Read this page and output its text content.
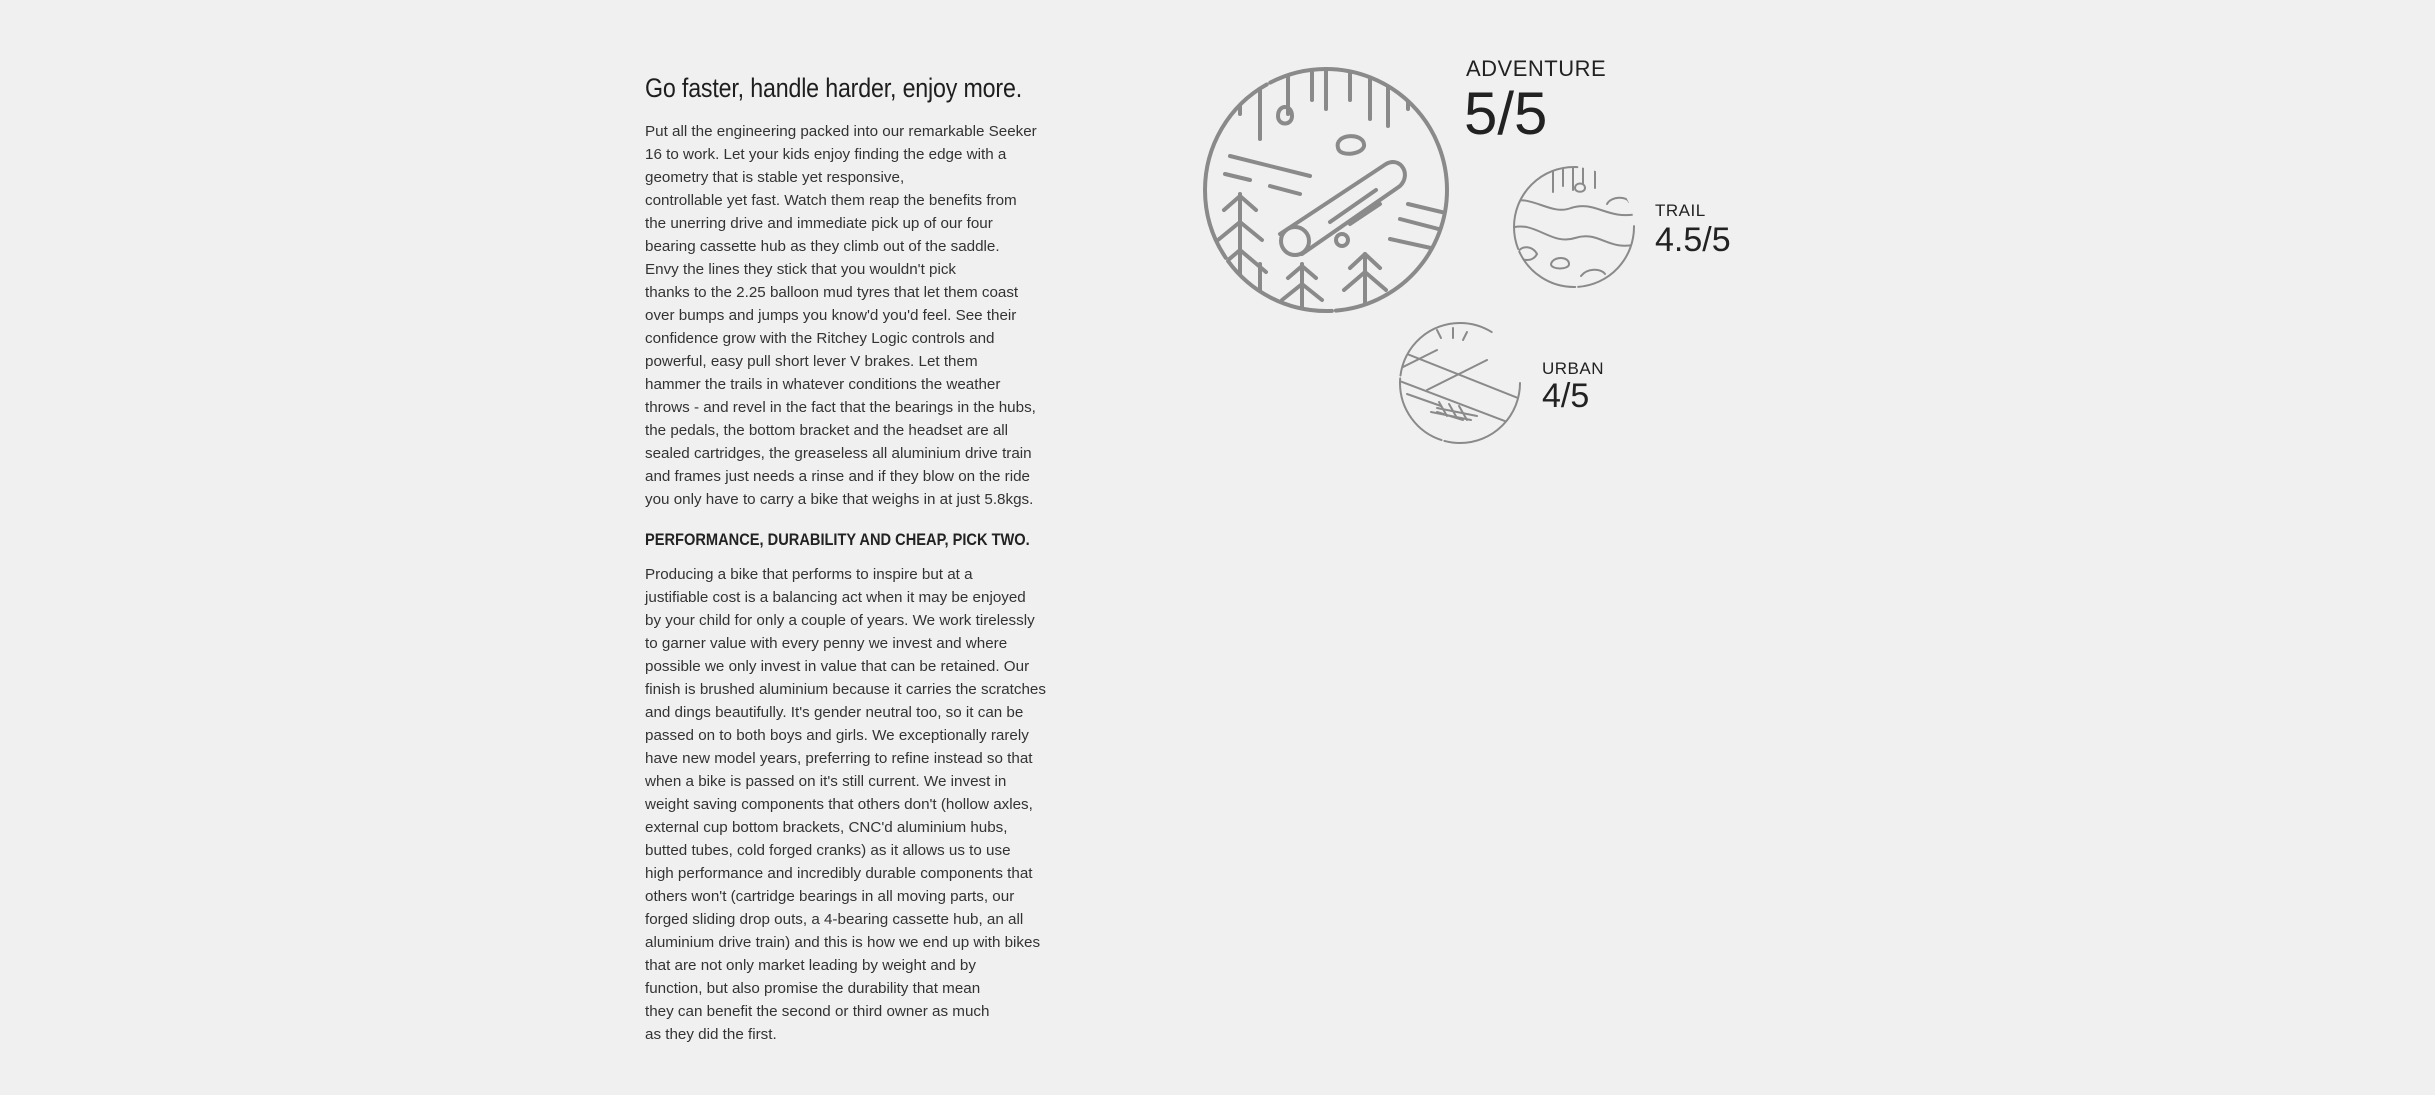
Go faster, handle harder, enjoy more.

Put all the engineering packed into our remarkable Seeker
16 to work. Let your kids enjoy finding the edge with a
geometry that is stable yet responsive,
controllable yet fast. Watch them reap the benefits from
the unerring drive and immediate pick up of our four
bearing cassette hub as they climb out of the saddle.
Envy the lines they stick that you wouldn't pick
thanks to the 2.25 balloon mud tyres that let them coast
over bumps and jumps you know'd you'd feel. See their
confidence grow with the Ritchey Logic controls and
powerful, easy pull short lever V brakes. Let them
hammer the trails in whatever conditions the weather
throws - and revel in the fact that the bearings in the hubs,
the pedals, the bottom bracket and the headset are all
sealed cartridges, the greaseless all aluminium drive train
and frames just needs a rinse and if they blow on the ride
you only have to carry a bike that weighs in at just 5.8kgs.

PERFORMANCE, DURABILITY AND CHEAP, PICK TWO.

Producing a bike that performs to inspire but at a
justifiable cost is a balancing act when it may be enjoyed
by your child for only a couple of years. We work tirelessly
to garner value with every penny we invest and where
possible we only invest in value that can be retained. Our
finish is brushed aluminium because it carries the scratches
and dings beautifully. It's gender neutral too, so it can be
passed on to both boys and girls. We exceptionally rarely
have new model years, preferring to refine instead so that
when a bike is passed on it's still current. We invest in
weight saving components that others don't (hollow axles,
external cup bottom brackets, CNC'd aluminium hubs,
butted tubes, cold forged cranks) as it allows us to use
high performance and incredibly durable components that
others won't (cartridge bearings in all moving parts, our
forged sliding drop outs, a 4-bearing cassette hub, an all
aluminium drive train) and this is how we end up with bikes
that are not only market leading by weight and by
function, but also promise the durability that mean
they can benefit the second or third owner as much
as they did the first.

ADVENTURE
5/5
TRAIL
4.5/5
URBAN
4/5
